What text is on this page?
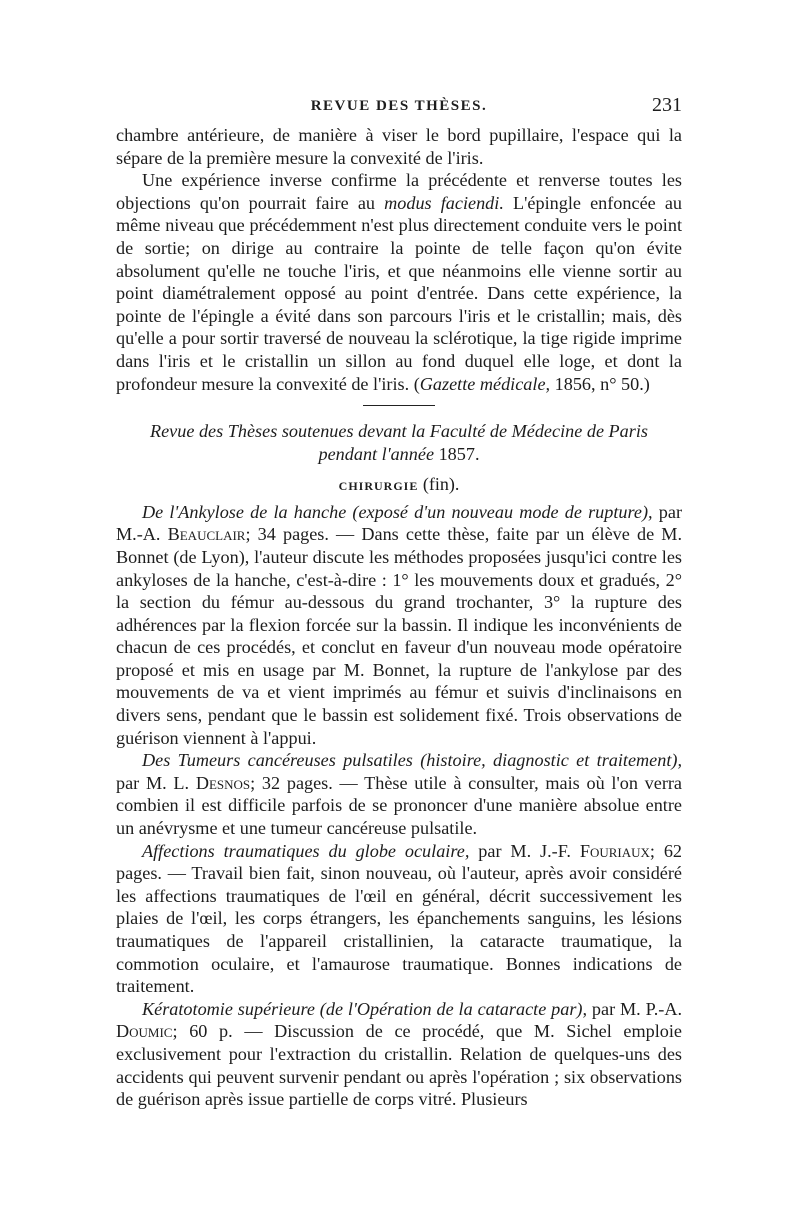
REVUE DES THÈSES.	231

chambre antérieure, de manière à viser le bord pupillaire, l'espace qui la sépare de la première mesure la convexité de l'iris.

Une expérience inverse confirme la précédente et renverse toutes les objections qu'on pourrait faire au modus faciendi. L'épingle enfoncée au même niveau que précédemment n'est plus directement conduite vers le point de sortie; on dirige au contraire la pointe de telle façon qu'on évite absolument qu'elle ne touche l'iris, et que néanmoins elle vienne sortir au point diamétralement opposé au point d'entrée. Dans cette expérience, la pointe de l'épingle a évité dans son parcours l'iris et le cristallin; mais, dès qu'elle a pour sortir traversé de nouveau la sclérotique, la tige rigide imprime dans l'iris et le cristallin un sillon au fond duquel elle loge, et dont la profondeur mesure la convexité de l'iris. (Gazette médicale, 1856, n° 50.)

Revue des Thèses soutenues devant la Faculté de Médecine de Paris pendant l'année 1857.
CHIRURGIE (fin).

De l'Ankylose de la hanche (exposé d'un nouveau mode de rupture), par M.-A. Beauclair; 34 pages. — Dans cette thèse, faite par un élève de M. Bonnet (de Lyon), l'auteur discute les méthodes proposées jusqu'ici contre les ankyloses de la hanche, c'est-à-dire : 1° les mouvements doux et gradués, 2° la section du fémur au-dessous du grand trochanter, 3° la rupture des adhérences par la flexion forcée sur la bassin. Il indique les inconvénients de chacun de ces procédés, et conclut en faveur d'un nouveau mode opératoire proposé et mis en usage par M. Bonnet, la rupture de l'ankylose par des mouvements de va et vient imprimés au fémur et suivis d'inclinaisons en divers sens, pendant que le bassin est solidement fixé. Trois observations de guérison viennent à l'appui.

Des Tumeurs cancéreuses pulsatiles (histoire, diagnostic et traitement), par M. L. Desnos; 32 pages. — Thèse utile à consulter, mais où l'on verra combien il est difficile parfois de se prononcer d'une manière absolue entre un anévrysme et une tumeur cancéreuse pulsatile.

Affections traumatiques du globe oculaire, par M. J.-F. Fouriaux; 62 pages. — Travail bien fait, sinon nouveau, où l'auteur, après avoir considéré les affections traumatiques de l'œil en général, décrit successivement les plaies de l'œil, les corps étrangers, les épanchements sanguins, les lésions traumatiques de l'appareil cristallinien, la cataracte traumatique, la commotion oculaire, et l'amaurose traumatique. Bonnes indications de traitement.

Kératotomie supérieure (de l'Opération de la cataracte par), par M. P.-A. Doumic; 60 p. — Discussion de ce procédé, que M. Sichel emploie exclusivement pour l'extraction du cristallin. Relation de quelques-uns des accidents qui peuvent survenir pendant ou après l'opération ; six observations de guérison après issue partielle de corps vitré. Plusieurs
